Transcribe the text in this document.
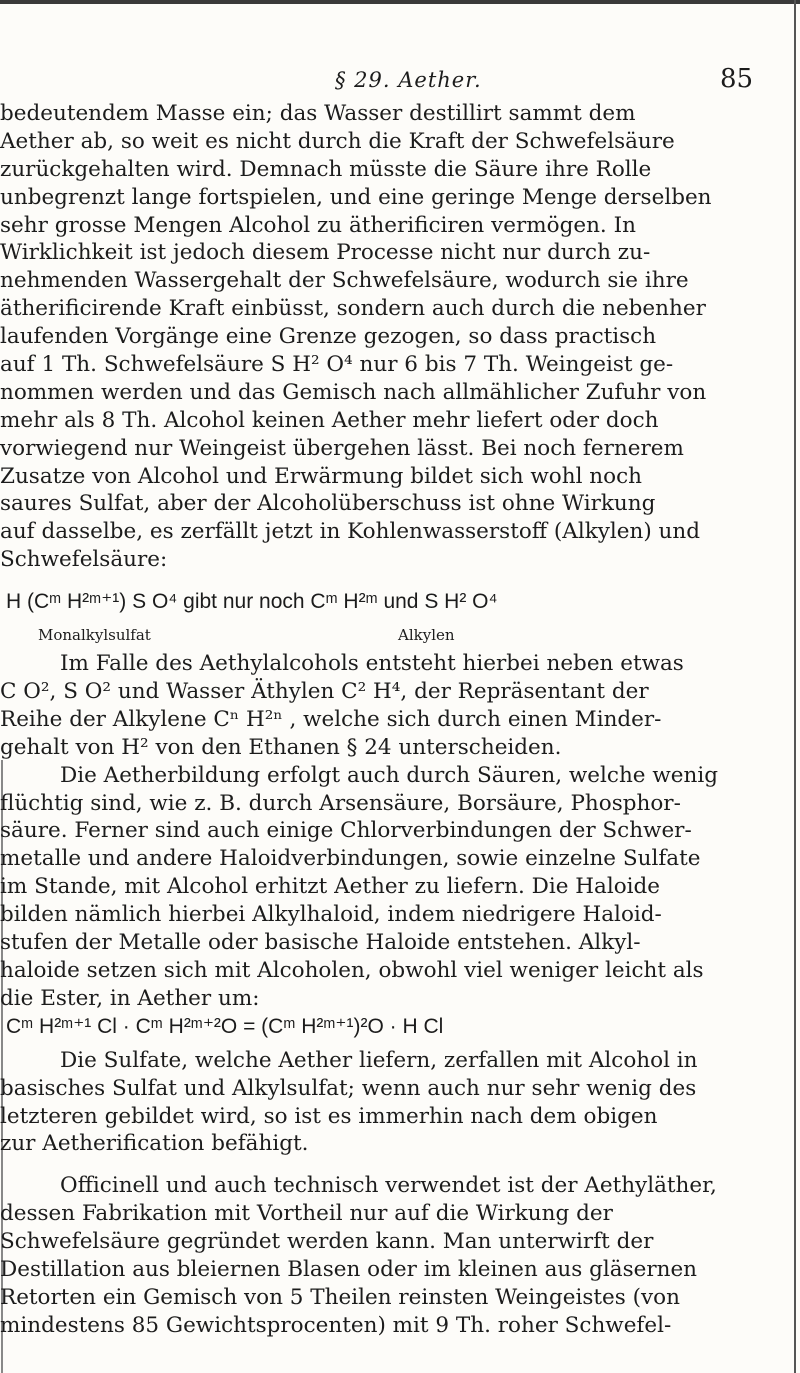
§ 29. Aether.	85
bedeutendem Masse ein; das Wasser destillirt sammt dem
Aether ab, so weit es nicht durch die Kraft der Schwefelsäure
zurückgehalten wird. Demnach müsste die Säure ihre Rolle
unbegrenzt lange fortspielen, und eine geringe Menge derselben
sehr grosse Mengen Alcohol zu ätherificiren vermögen. In
Wirklichkeit ist jedoch diesem Processe nicht nur durch zu-
nehmenden Wassergehalt der Schwefelsäure, wodurch sie ihre
ätherificirende Kraft einbüsst, sondern auch durch die nebenher
laufenden Vorgänge eine Grenze gezogen, so dass practisch
auf 1 Th. Schwefelsäure S H² O⁴ nur 6 bis 7 Th. Weingeist ge-
nommen werden und das Gemisch nach allmählicher Zufuhr von
mehr als 8 Th. Alcohol keinen Aether mehr liefert oder doch
vorwiegend nur Weingeist übergehen lässt. Bei noch fernerem
Zusatze von Alcohol und Erwärmung bildet sich wohl noch
saures Sulfat, aber der Alcoholüberschuss ist ohne Wirkung
auf dasselbe, es zerfällt jetzt in Kohlenwasserstoff (Alkylen) und
Schwefelsäure:
H (Cᵐ H²ᵐ⁺¹) S O⁴ gibt nur noch Cᵐ H²ᵐ und S H² O⁴
Monalkylsulfat	Alkylen
Im Falle des Aethylalcohols entsteht hierbei neben etwas
C O², S O² und Wasser Äthylen C² H⁴, der Repräsentant der
Reihe der Alkylene Cⁿ H²ⁿ , welche sich durch einen Minder-
gehalt von H² von den Ethanen § 24 unterscheiden.
Die Aetherbildung erfolgt auch durch Säuren, welche wenig
flüchtig sind, wie z. B. durch Arsensäure, Borsäure, Phosphor-
säure. Ferner sind auch einige Chlorverbindungen der Schwer-
metalle und andere Haloidverbindungen, sowie einzelne Sulfate
im Stande, mit Alcohol erhitzt Aether zu liefern. Die Haloide
bilden nämlich hierbei Alkylhaloid, indem niedrigere Haloid-
stufen der Metalle oder basische Haloide entstehen. Alkyl-
haloide setzen sich mit Alcoholen, obwohl viel weniger leicht als
die Ester, in Aether um:
Cᵐ H²ᵐ⁺¹ Cl · Cᵐ H²ᵐ⁺²O = (Cᵐ H²ᵐ⁺¹)²O · H Cl
Die Sulfate, welche Aether liefern, zerfallen mit Alcohol in
basisches Sulfat und Alkylsulfat; wenn auch nur sehr wenig des
letzteren gebildet wird, so ist es immerhin nach dem obigen
zur Aetherification befähigt.
Officinell und auch technisch verwendet ist der Aethyläther,
dessen Fabrikation mit Vortheil nur auf die Wirkung der
Schwefelsäure gegründet werden kann. Man unterwirft der
Destillation aus bleiernen Blasen oder im kleinen aus gläsernen
Retorten ein Gemisch von 5 Theilen reinsten Weingeistes (von
mindestens 85 Gewichtsprocenten) mit 9 Th. roher Schwefel-
